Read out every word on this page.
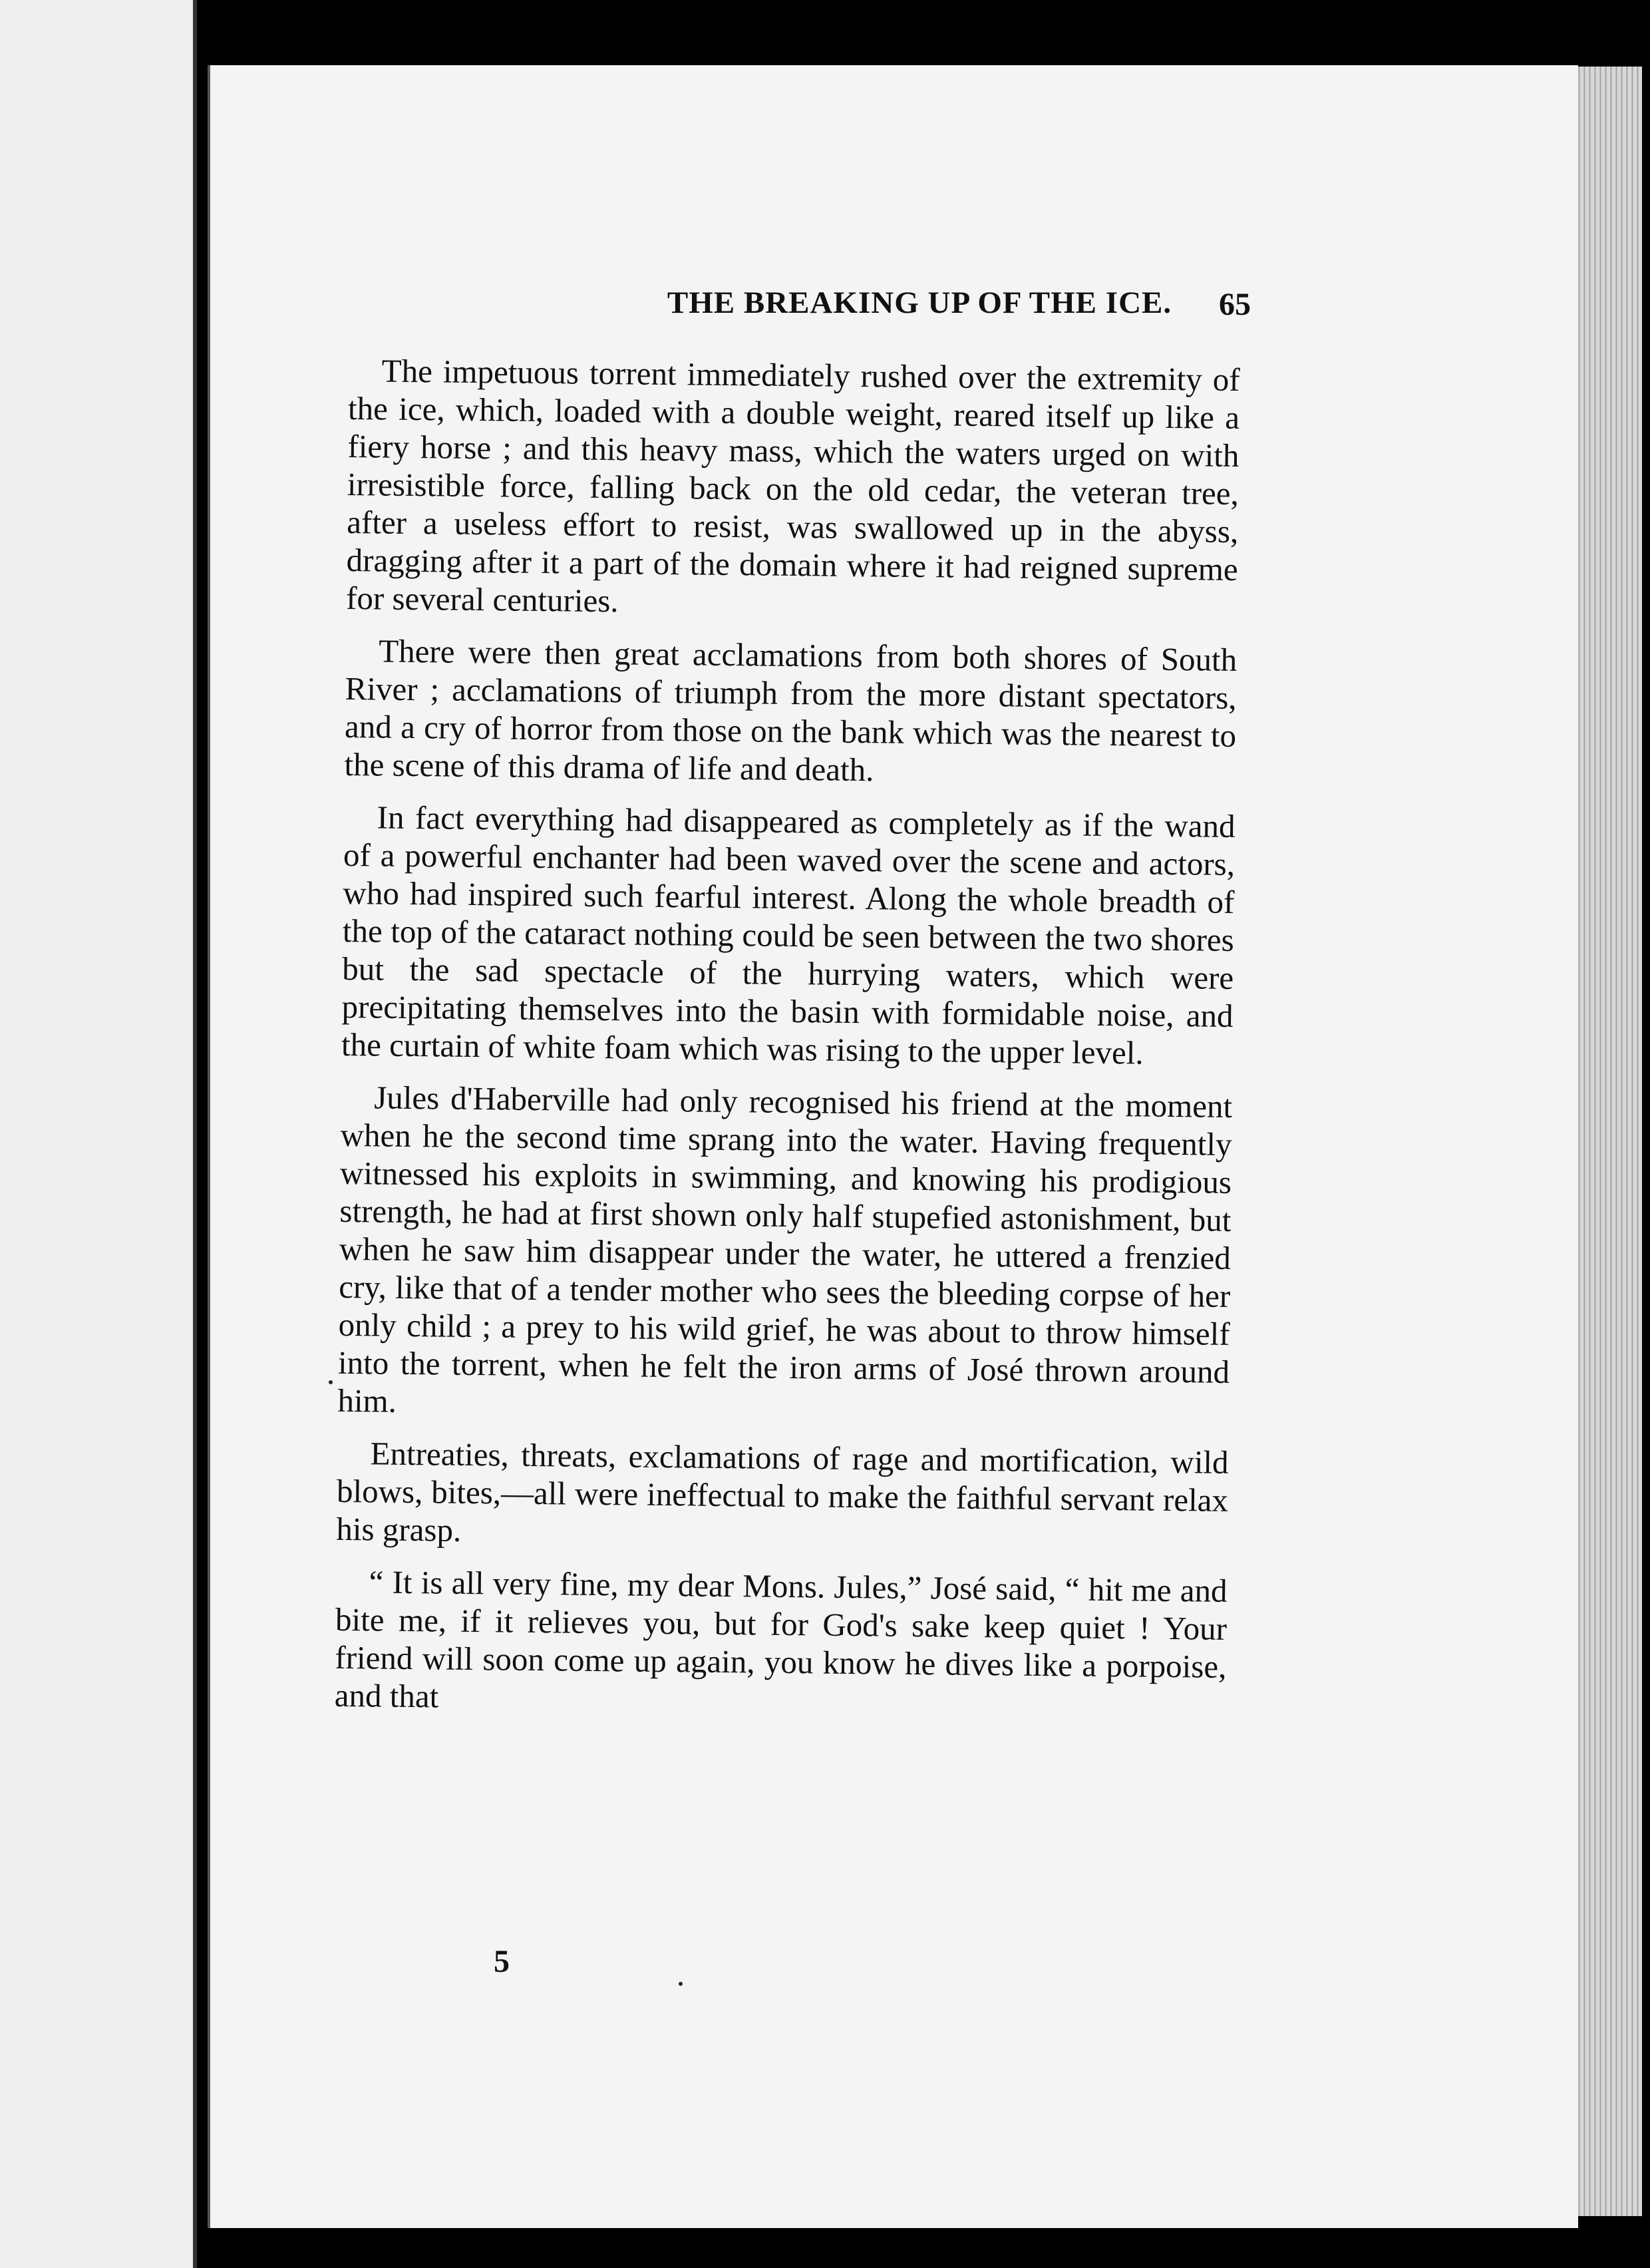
THE BREAKING UP OF THE ICE.	65

The impetuous torrent immediately rushed over the extremity of the ice, which, loaded with a double weight, reared itself up like a fiery horse ; and this heavy mass, which the waters urged on with irresistible force, falling back on the old cedar, the veteran tree, after a useless effort to resist, was swallowed up in the abyss, dragging after it a part of the domain where it had reigned supreme for several centuries.

There were then great acclamations from both shores of South River ; acclamations of triumph from the more distant spectators, and a cry of horror from those on the bank which was the nearest to the scene of this drama of life and death.

In fact everything had disappeared as completely as if the wand of a powerful enchanter had been waved over the scene and actors, who had inspired such fearful interest. Along the whole breadth of the top of the cataract nothing could be seen between the two shores but the sad spectacle of the hurrying waters, which were precipitating themselves into the basin with formidable noise, and the curtain of white foam which was rising to the upper level.

Jules d'Haberville had only recognised his friend at the moment when he the second time sprang into the water. Having frequently witnessed his exploits in swimming, and knowing his prodigious strength, he had at first shown only half stupefied astonishment, but when he saw him disappear under the water, he uttered a frenzied cry, like that of a tender mother who sees the bleeding corpse of her only child ; a prey to his wild grief, he was about to throw himself into the torrent, when he felt the iron arms of José thrown around him.

Entreaties, threats, exclamations of rage and mortification, wild blows, bites,—all were ineffectual to make the faithful servant relax his grasp.

“ It is all very fine, my dear Mons. Jules,” José said, “ hit me and bite me, if it relieves you, but for God's sake keep quiet ! Your friend will soon come up again, you know he dives like a porpoise, and that

5
